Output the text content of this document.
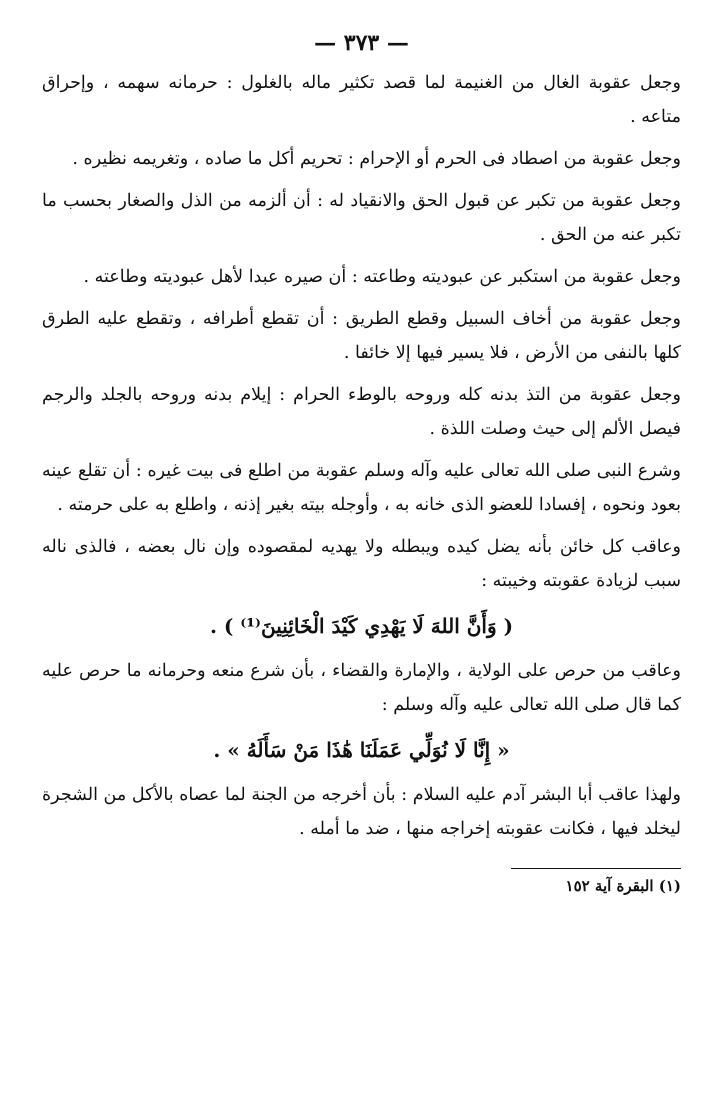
— ٣٧٣ —

وجعل عقوبة الغال من الغنيمة لما قصد تكثير ماله بالغلول : حرمانه سهمه ، وإحراق متاعه .

وجعل عقوبة من اصطاد فى الحرم أو الإحرام : تحريم أكل ما صاده ، وتغريمه نظيره .

وجعل عقوبة من تكبر عن قبول الحق والانقياد له : أن ألزمه من الذل والصغار بحسب ما تكبر عنه من الحق .

وجعل عقوبة من استكبر عن عبوديته وطاعته : أن صيره عبدا لأهل عبوديته وطاعته .

وجعل عقوبة من أخاف السبيل وقطع الطريق : أن تقطع أطرافه ، وتقطع عليه الطرق كلها بالنفى من الأرض ، فلا يسير فيها إلا خائفا .

وجعل عقوبة من التذ بدنه كله وروحه بالوطء الحرام : إيلام بدنه وروحه بالجلد والرجم فيصل الألم إلى حيث وصلت اللذة .

وشرع النبى صلى الله تعالى عليه وآله وسلم عقوبة من اطلع فى بيت غيره : أن تقلع عينه بعود ونحوه ، إفسادا للعضو الذى خانه به ، وأوجله بيته بغير إذنه ، واطلع به على حرمته .

وعاقب كل خائن بأنه يضل كيده ويبطله ولا يهديه لمقصوده وإن نال بعضه ، فالذى ناله سبب لزيادة عقوبته وخيبته :

( وَأَنَّ اللهَ لَا يَهْدِي كَيْدَ الْخَائِنِينَ⁽¹⁾ ) .

وعاقب من حرص على الولاية ، والإمارة والقضاء ، بأن شرع منعه وحرمانه ما حرص عليه كما قال صلى الله تعالى عليه وآله وسلم :

« إِنَّا لَا نُوَلِّي عَمَلَنَا هَٰذَا مَنْ سَأَلَهُ » .

ولهذا عاقب أبا البشر آدم عليه السلام : بأن أخرجه من الجنة لما عصاه بالأكل من الشجرة ليخلد فيها ، فكانت عقوبته إخراجه منها ، ضد ما أمله .

(١) البقرة آية ١٥٢
